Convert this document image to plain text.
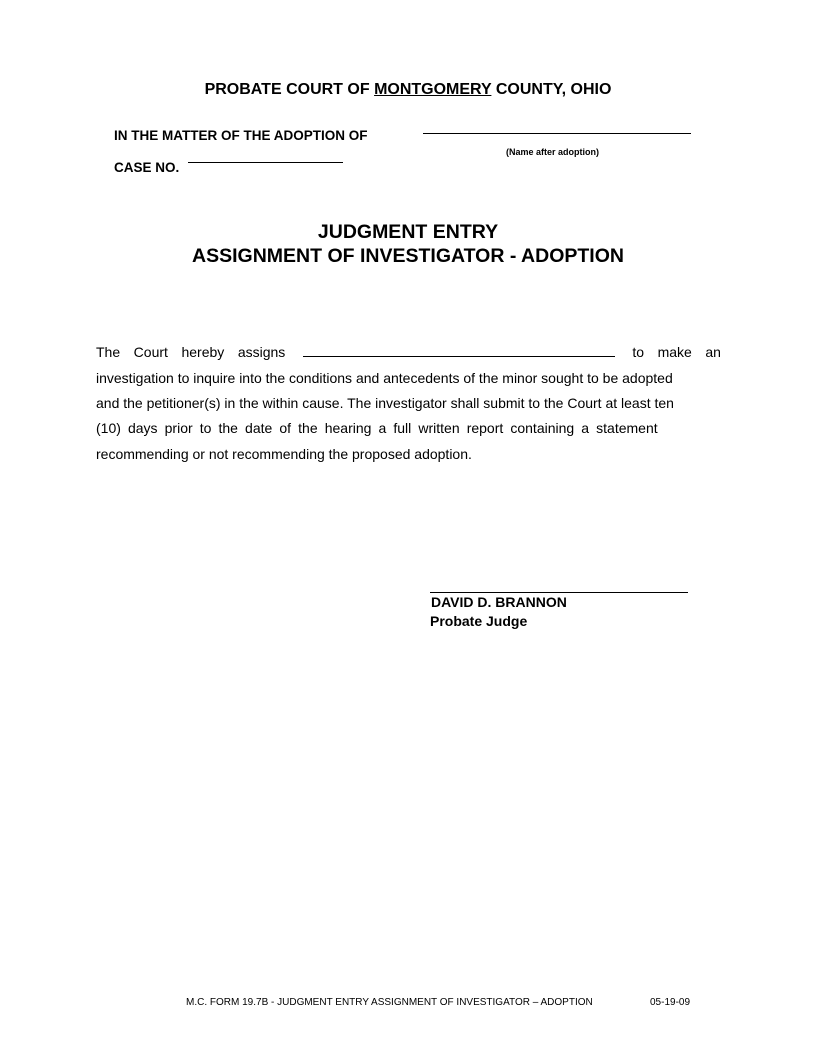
PROBATE COURT OF MONTGOMERY COUNTY, OHIO
IN THE MATTER OF THE ADOPTION OF
(Name after adoption)
CASE NO.
JUDGMENT ENTRY
ASSIGNMENT OF INVESTIGATOR - ADOPTION
The Court hereby assigns	to make an
investigation to inquire into the conditions and antecedents of the minor sought to be adopted
and the petitioner(s) in the within cause. The investigator shall submit to the Court at least ten
(10) days prior to the date of the hearing a full written report containing a statement
recommending or not recommending the proposed adoption.
DAVID D. BRANNON
Probate Judge
M.C. FORM 19.7B - JUDGMENT ENTRY ASSIGNMENT OF INVESTIGATOR – ADOPTION	05-19-09
